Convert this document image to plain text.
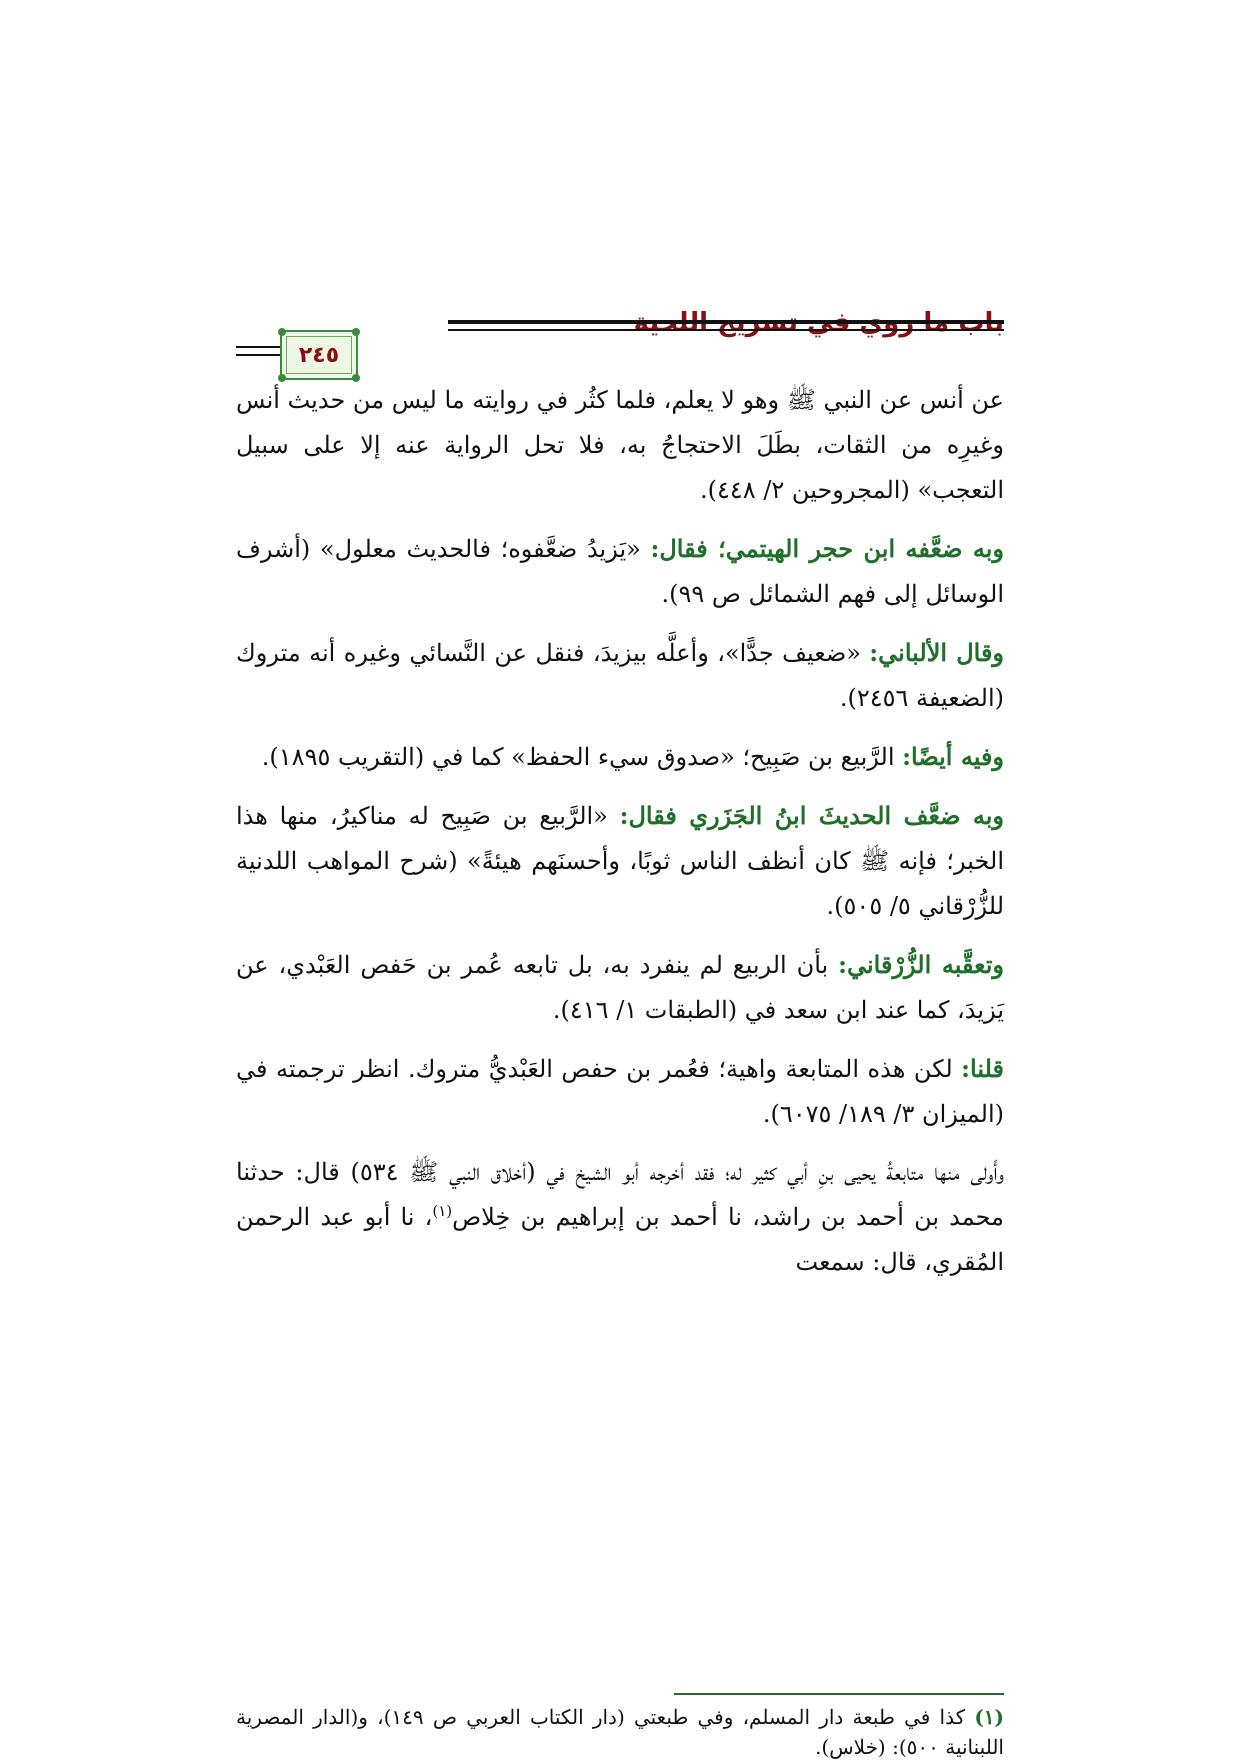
باب ما روي في تسريح اللحية
٢٤٥

عن أنس عن النبي ﷺ وهو لا يعلم، فلما كثُر في روايته ما ليس من حديث أنس وغيرِه من الثقات، بطَلَ الاحتجاجُ به، فلا تحل الرواية عنه إلا على سبيل التعجب» (المجروحين ٢/ ٤٤٨).

وبه ضعَّفه ابن حجر الهيتمي؛ فقال: «يَزيدُ ضعَّفوه؛ فالحديث معلول» (أشرف الوسائل إلى فهم الشمائل ص ٩٩).

وقال الألباني: «ضعيف جدًّا»، وأعلَّه بيزيدَ، فنقل عن النَّسائي وغيره أنه متروك (الضعيفة ٢٤٥٦).

وفيه أيضًا: الرَّبيع بن صَبِيح؛ «صدوق سيء الحفظ» كما في (التقريب ١٨٩٥).

وبه ضعَّف الحديثَ ابنُ الجَزَري فقال: «الرَّبيع بن صَبِيح له مناكيرُ، منها هذا الخبر؛ فإنه ﷺ كان أنظف الناس ثوبًا، وأحسنَهم هيئةً» (شرح المواهب اللدنية للزُّرْقاني ٥/ ٥٠٥).

وتعقَّبه الزُّرْقاني: بأن الربيع لم ينفرد به، بل تابعه عُمر بن حَفص العَبْدي، عن يَزيدَ، كما عند ابن سعد في (الطبقات ١/ ٤١٦).

قلنا: لكن هذه المتابعة واهية؛ فعُمر بن حفص العَبْديُّ متروك. انظر ترجمته في (الميزان ٣/ ١٨٩/ ٦٠٧٥).

وأَولى منها متابعةُ يحيى بنِ أبي كثير له؛ فقد أخرجه أبو الشيخ في (أخلاق النبي ﷺ ٥٣٤) قال: حدثنا محمد بن أحمد بن راشد، نا أحمد بن إبراهيم بن خِلاص$^{(١)}$، نا أبو عبد الرحمن المُقري، قال: سمعت

(١) كذا في طبعة دار المسلم، وفي طبعتي (دار الكتاب العربي ص ١٤٩)، و(الدار المصرية اللبنانية ٥٠٠): (خلاس).
